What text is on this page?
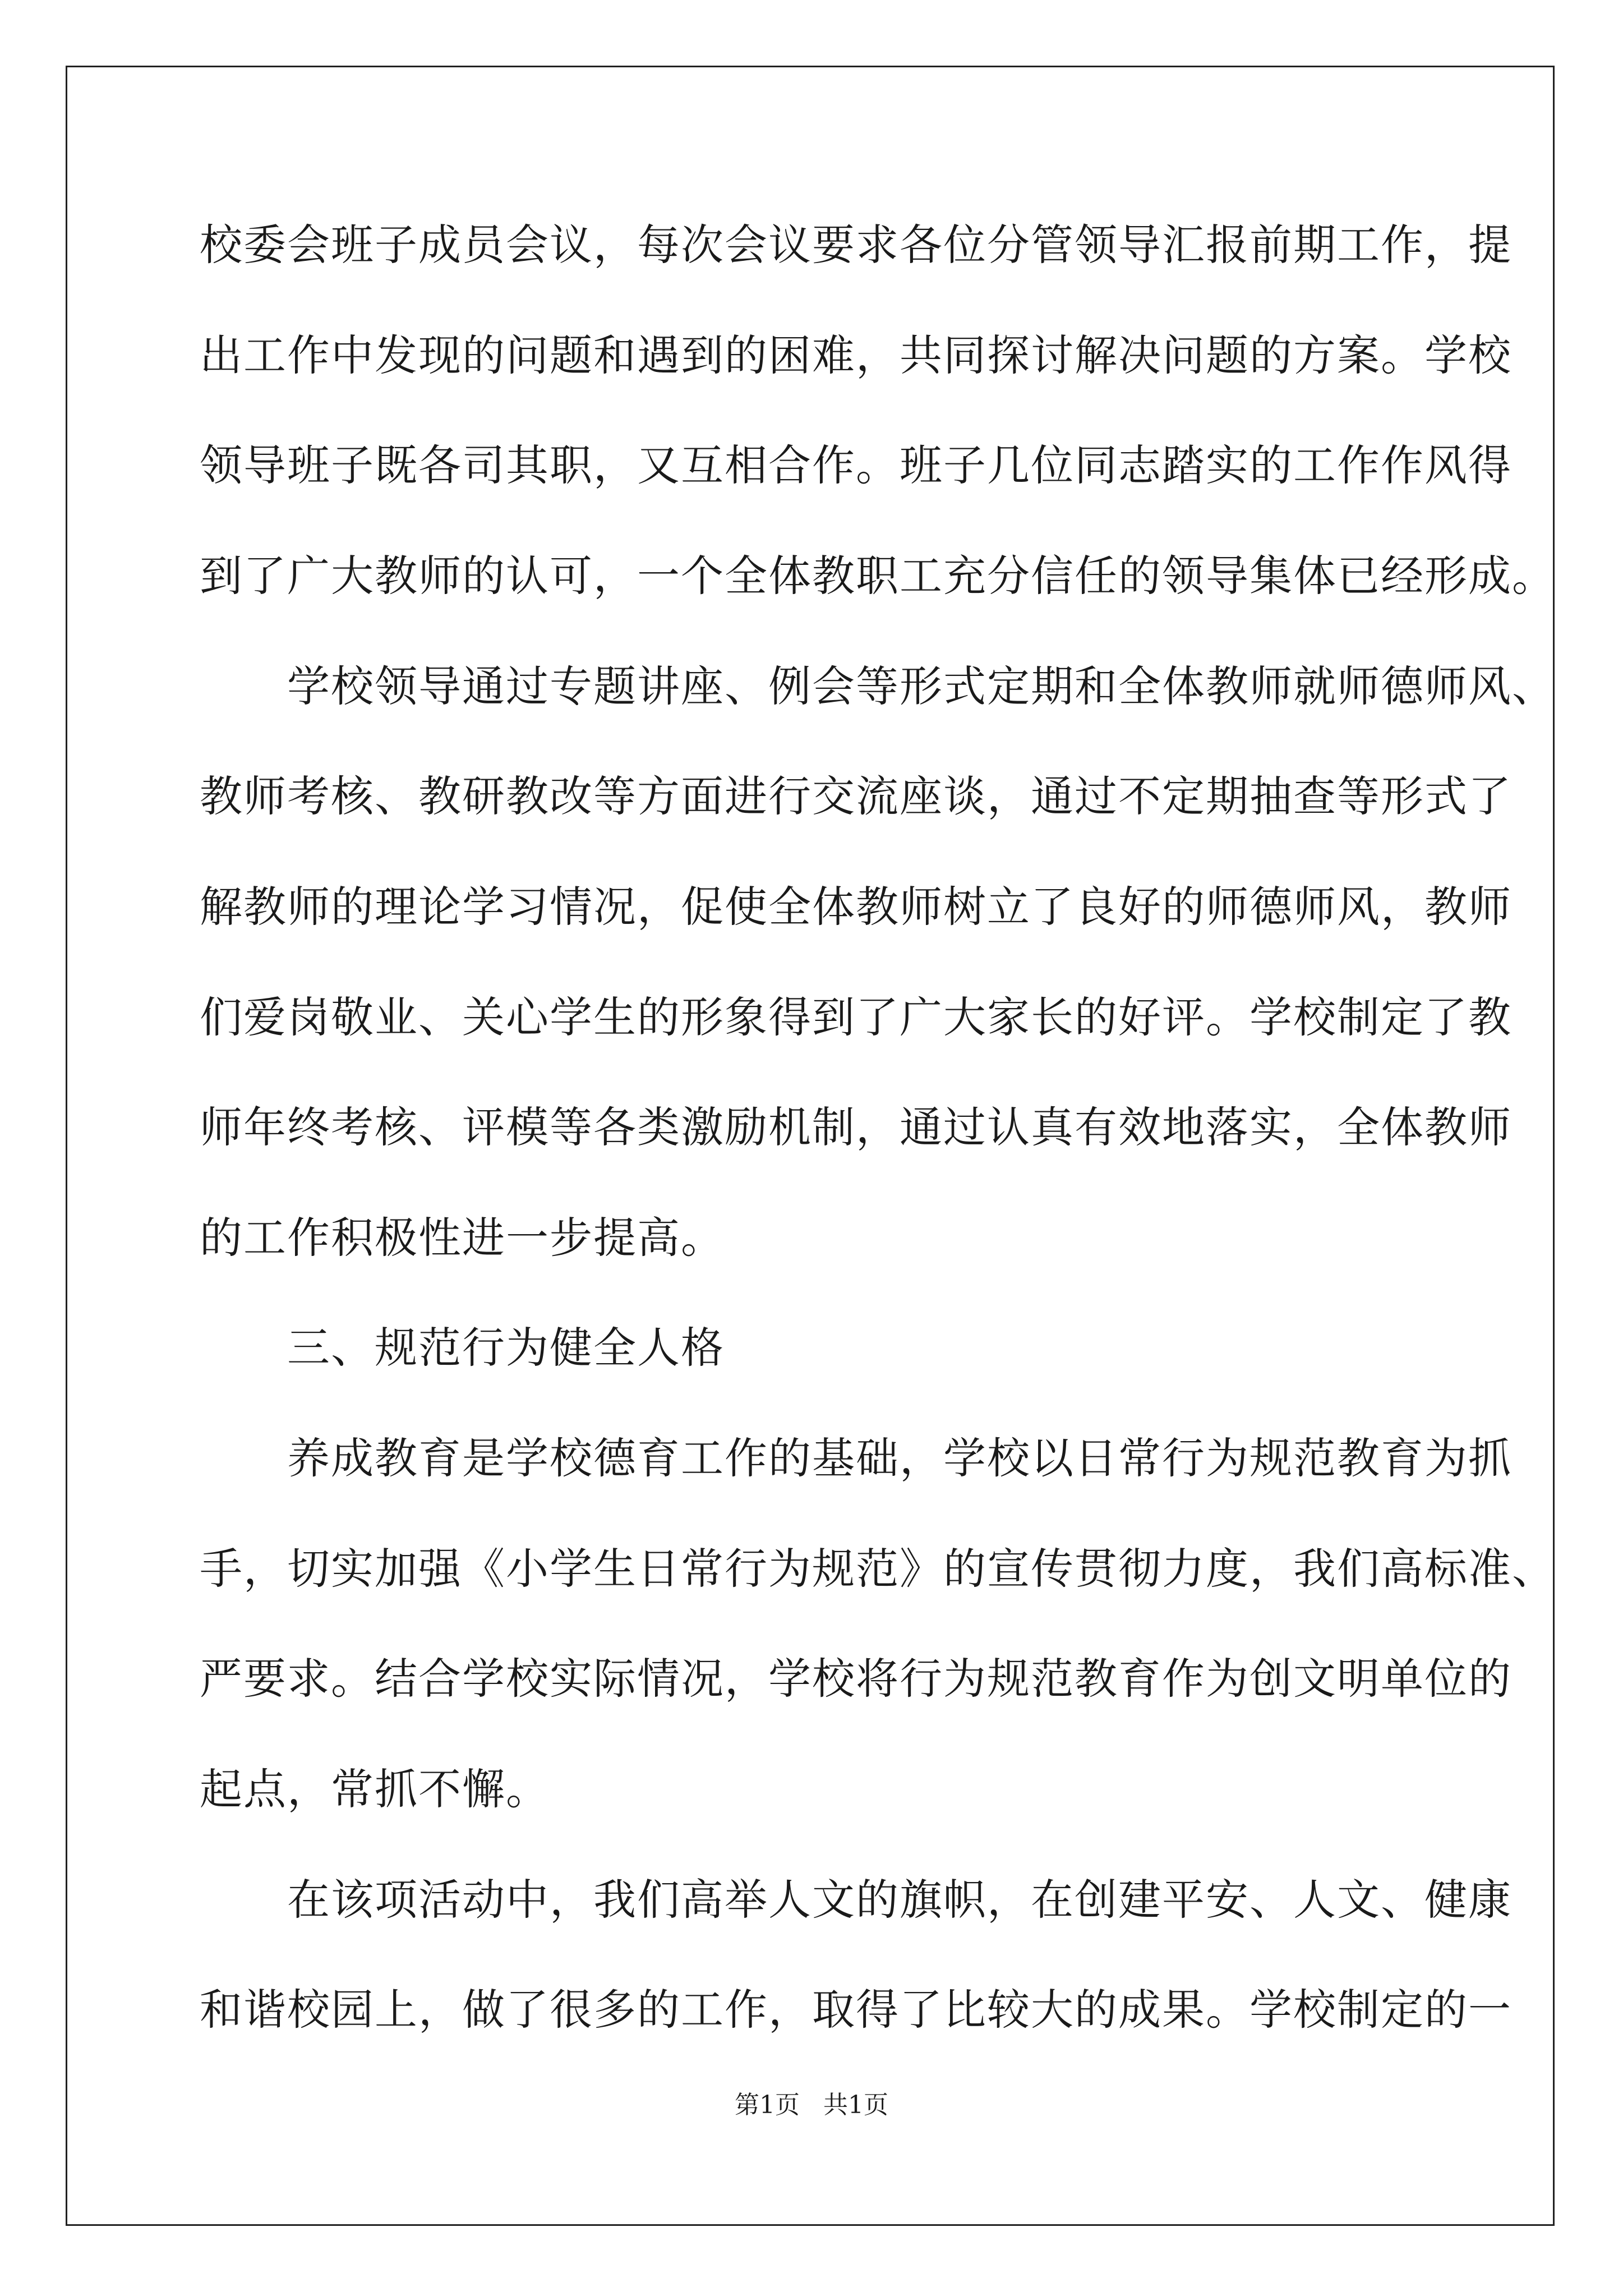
校委会班子成员会议，每次会议要求各位分管领导汇报前期工作，提
出工作中发现的问题和遇到的困难，共同探讨解决问题的方案。学校
领导班子既各司其职，又互相合作。班子几位同志踏实的工作作风得
到了广大教师的认可，一个全体教职工充分信任的领导集体已经形成。
　　学校领导通过专题讲座、例会等形式定期和全体教师就师德师风、
教师考核、教研教改等方面进行交流座谈，通过不定期抽查等形式了
解教师的理论学习情况，促使全体教师树立了良好的师德师风，教师
们爱岗敬业、关心学生的形象得到了广大家长的好评。学校制定了教
师年终考核、评模等各类激励机制，通过认真有效地落实，全体教师
的工作积极性进一步提高。
　　三、规范行为健全人格
　　养成教育是学校德育工作的基础，学校以日常行为规范教育为抓
手，切实加强《小学生日常行为规范》的宣传贯彻力度，我们高标准、
严要求。结合学校实际情况，学校将行为规范教育作为创文明单位的
起点，常抓不懈。
　　在该项活动中，我们高举人文的旗帜，在创建平安、人文、健康
和谐校园上，做了很多的工作，取得了比较大的成果。学校制定的一
第1页 共1页
